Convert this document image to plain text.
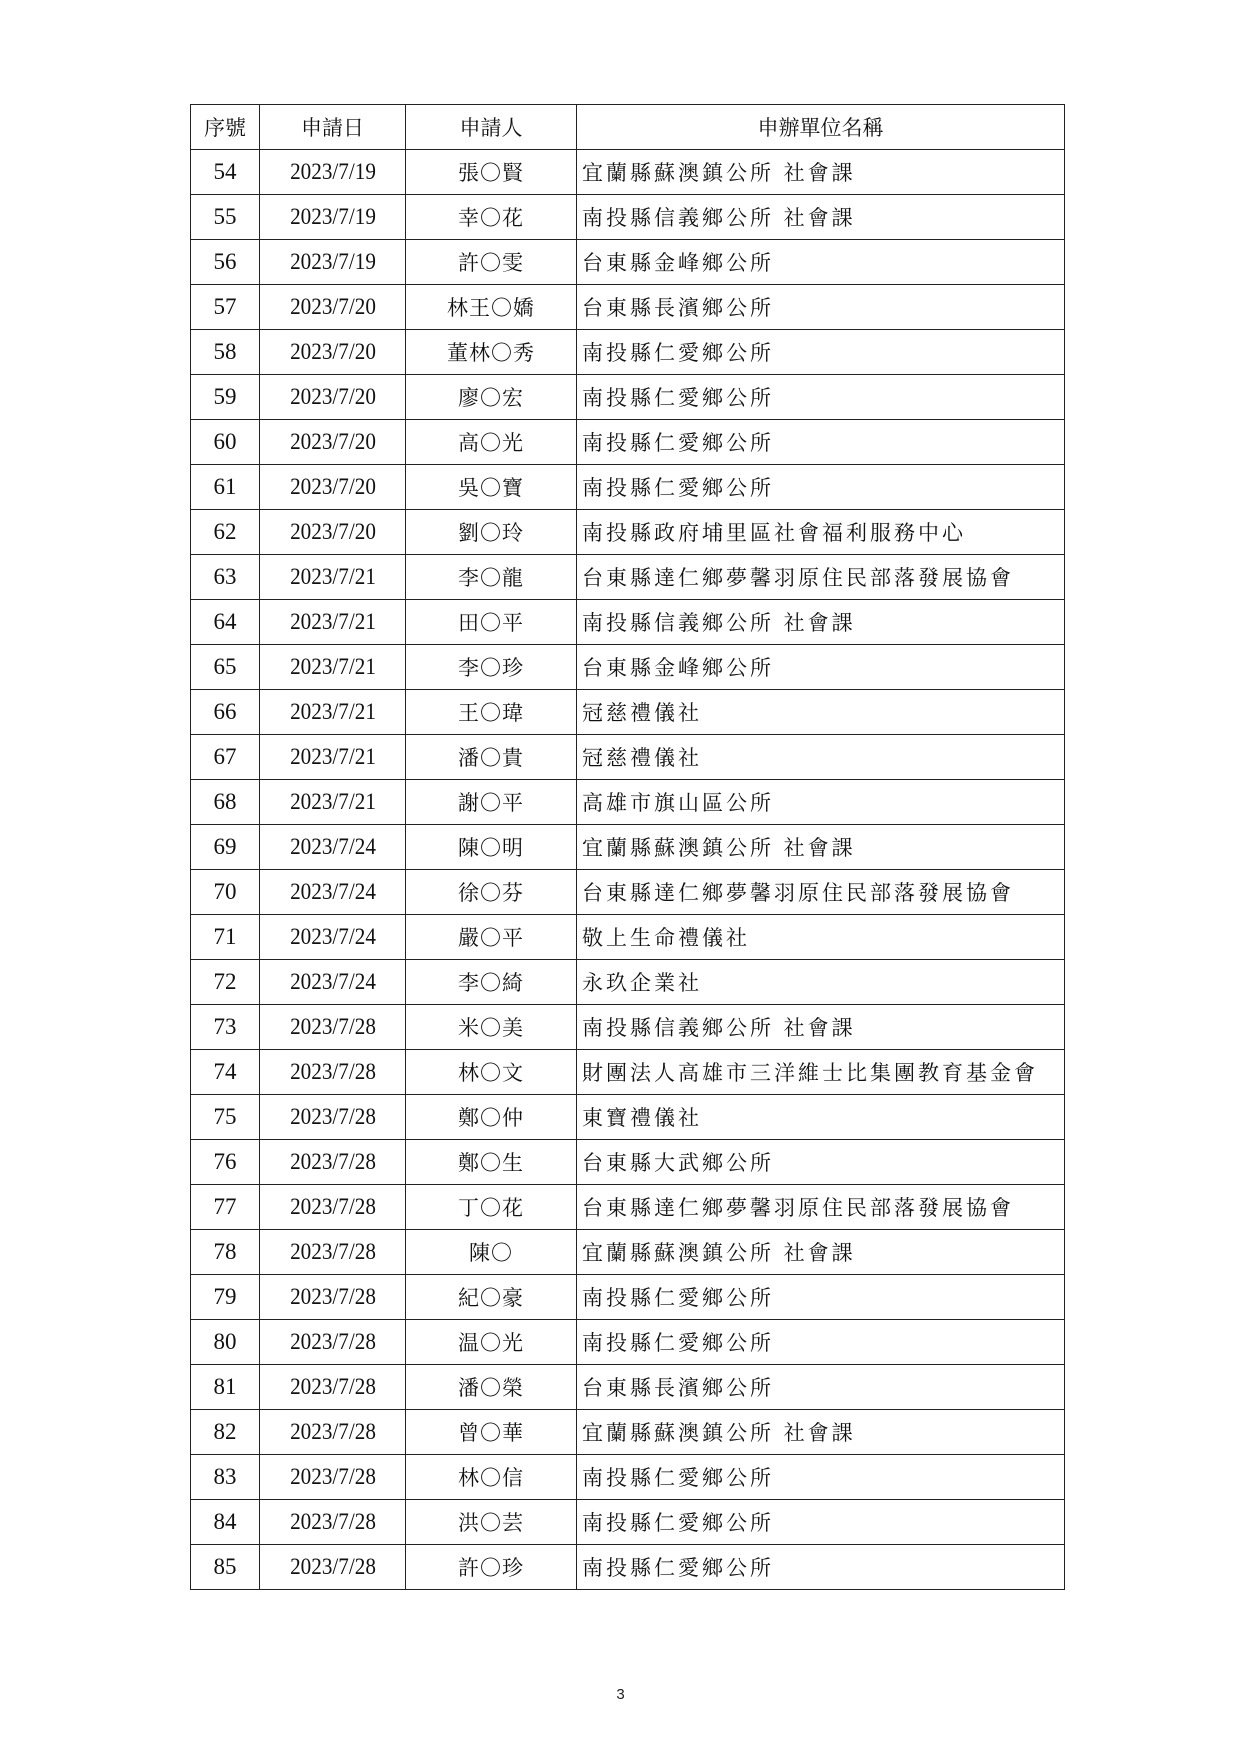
序號	申請日	申請人	申辦單位名稱
54	2023/7/19	張〇賢	宜蘭縣蘇澳鎮公所 社會課
55	2023/7/19	幸〇花	南投縣信義鄉公所 社會課
56	2023/7/19	許〇雯	台東縣金峰鄉公所
57	2023/7/20	林王〇嬌	台東縣長濱鄉公所
58	2023/7/20	董林〇秀	南投縣仁愛鄉公所
59	2023/7/20	廖〇宏	南投縣仁愛鄉公所
60	2023/7/20	高〇光	南投縣仁愛鄉公所
61	2023/7/20	吳〇寶	南投縣仁愛鄉公所
62	2023/7/20	劉〇玲	南投縣政府埔里區社會福利服務中心
63	2023/7/21	李〇龍	台東縣達仁鄉夢馨羽原住民部落發展協會
64	2023/7/21	田〇平	南投縣信義鄉公所 社會課
65	2023/7/21	李〇珍	台東縣金峰鄉公所
66	2023/7/21	王〇瑋	冠慈禮儀社
67	2023/7/21	潘〇貴	冠慈禮儀社
68	2023/7/21	謝〇平	高雄市旗山區公所
69	2023/7/24	陳〇明	宜蘭縣蘇澳鎮公所 社會課
70	2023/7/24	徐〇芬	台東縣達仁鄉夢馨羽原住民部落發展協會
71	2023/7/24	嚴〇平	敬上生命禮儀社
72	2023/7/24	李〇綺	永玖企業社
73	2023/7/28	米〇美	南投縣信義鄉公所 社會課
74	2023/7/28	林〇文	財團法人高雄市三洋維士比集團教育基金會
75	2023/7/28	鄭〇仲	東寶禮儀社
76	2023/7/28	鄭〇生	台東縣大武鄉公所
77	2023/7/28	丁〇花	台東縣達仁鄉夢馨羽原住民部落發展協會
78	2023/7/28	陳〇	宜蘭縣蘇澳鎮公所 社會課
79	2023/7/28	紀〇豪	南投縣仁愛鄉公所
80	2023/7/28	温〇光	南投縣仁愛鄉公所
81	2023/7/28	潘〇榮	台東縣長濱鄉公所
82	2023/7/28	曾〇華	宜蘭縣蘇澳鎮公所 社會課
83	2023/7/28	林〇信	南投縣仁愛鄉公所
84	2023/7/28	洪〇芸	南投縣仁愛鄉公所
85	2023/7/28	許〇珍	南投縣仁愛鄉公所
3
